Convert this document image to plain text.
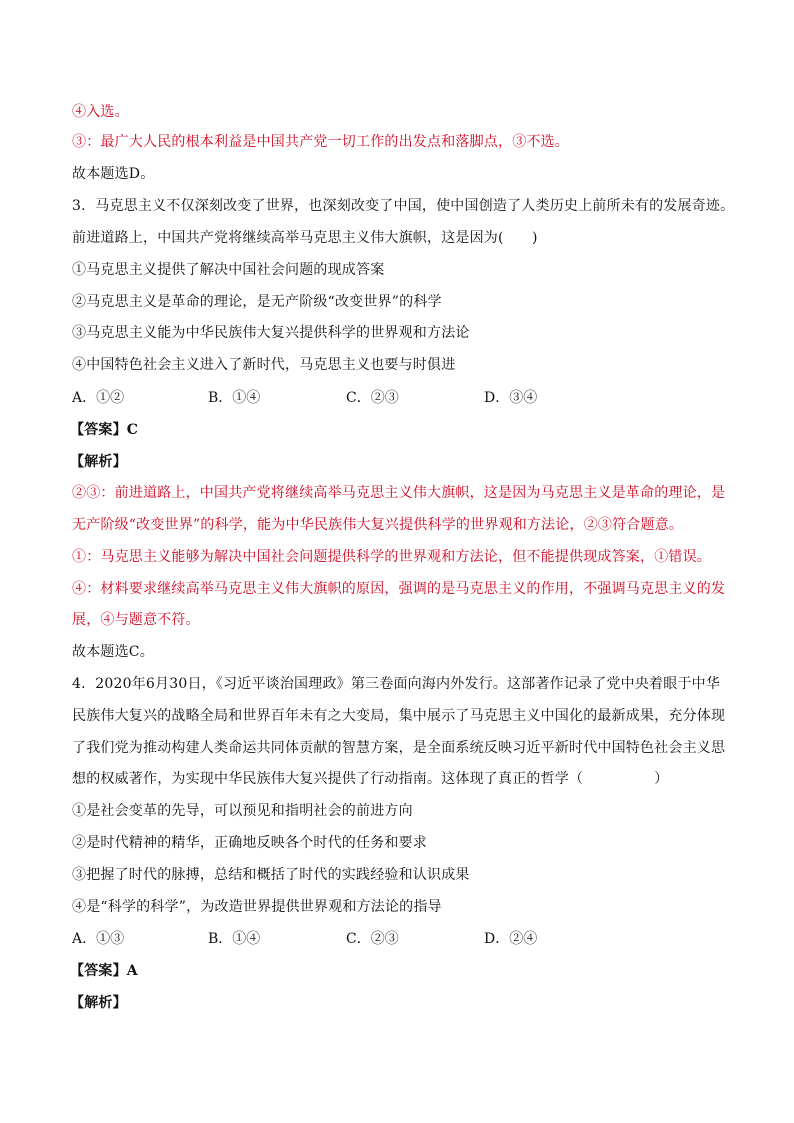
④入选。
③：最广大人民的根本利益是中国共产党一切工作的出发点和落脚点，③不选。
故本题选D。
3．马克思主义不仅深刻改变了世界，也深刻改变了中国，使中国创造了人类历史上前所未有的发展奇迹。
前进道路上，中国共产党将继续高举马克思主义伟大旗帜，这是因为(　　)
①马克思主义提供了解决中国社会问题的现成答案
②马克思主义是革命的理论，是无产阶级“改变世界”的科学
③马克思主义能为中华民族伟大复兴提供科学的世界观和方法论
④中国特色社会主义进入了新时代，马克思主义也要与时俱进
A．①②	B．①④	C．②③	D．③④
【答案】C
【解析】
②③：前进道路上，中国共产党将继续高举马克思主义伟大旗帜，这是因为马克思主义是革命的理论，是
无产阶级“改变世界”的科学，能为中华民族伟大复兴提供科学的世界观和方法论，②③符合题意。
①：马克思主义能够为解决中国社会问题提供科学的世界观和方法论，但不能提供现成答案，①错误。
④：材料要求继续高举马克思主义伟大旗帜的原因，强调的是马克思主义的作用，不强调马克思主义的发
展，④与题意不符。
故本题选C。
4．2020年6月30日，《习近平谈治国理政》第三卷面向海内外发行。这部著作记录了党中央着眼于中华
民族伟大复兴的战略全局和世界百年未有之大变局，集中展示了马克思主义中国化的最新成果，充分体现
了我们党为推动构建人类命运共同体贡献的智慧方案，是全面系统反映习近平新时代中国特色社会主义思
想的权威著作，为实现中华民族伟大复兴提供了行动指南。这体现了真正的哲学（　　　　　）
①是社会变革的先导，可以预见和指明社会的前进方向
②是时代精神的精华，正确地反映各个时代的任务和要求
③把握了时代的脉搏，总结和概括了时代的实践经验和认识成果
④是“科学的科学”，为改造世界提供世界观和方法论的指导
A．①③	B．①④	C．②③	D．②④
【答案】A
【解析】
